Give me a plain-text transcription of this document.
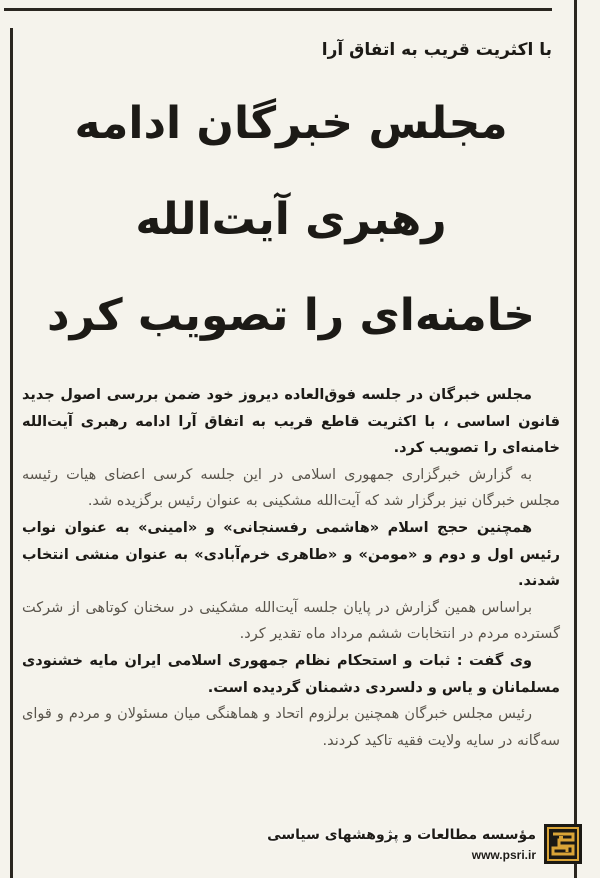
با اکثریت قریب به اتفاق آرا
مجلس خبرگان ادامه
رهبری آیت‌الله
خامنه‌ای را تصویب کرد

مجلس خبرگان در جلسه فوق‌العاده دیروز خود ضمن بررسی اصول جدید قانون اساسی ، با اکثریت قاطع قریب به اتفاق آرا ادامه رهبری آیت‌الله خامنه‌ای را تصویب کرد.

به گزارش خبرگزاری جمهوری اسلامی در این جلسه کرسی اعضای هیات رئیسه مجلس خبرگان نیز برگزار شد که آیت‌الله مشکینی به عنوان رئیس برگزیده شد.

همچنین حجج اسلام «هاشمی رفسنجانی» و «امینی» به عنوان نواب رئیس اول و دوم و «مومن» و «طاهری خرم‌آبادی» به عنوان منشی انتخاب شدند.

براساس همین گزارش در پایان جلسه آیت‌الله مشکینی در سخنان کوتاهی از شرکت گسترده مردم در انتخابات ششم مرداد ماه تقدیر کرد.

وی گفت : ثبات و استحکام نظام جمهوری اسلامی ایران مایه خشنودی مسلمانان و یاس و دلسردی دشمنان گردیده است.

رئیس مجلس خبرگان همچنین برلزوم اتحاد و هماهنگی میان مسئولان و مردم و قوای سه‌گانه در سایه ولایت فقیه تاکید کردند.

مؤسسه مطالعات و پژوهشهای سیاسی
www.psri.ir
